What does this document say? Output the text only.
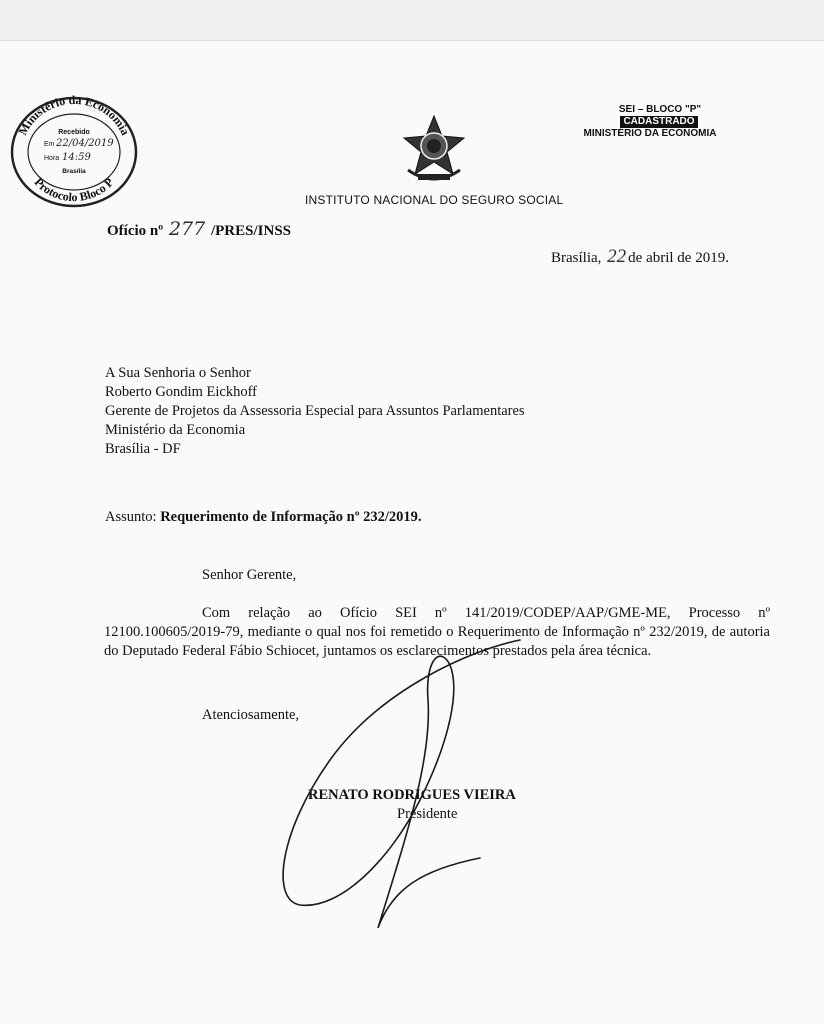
Ministério da Economia
Protocolo Bloco P
Recebido
Em 22/04/2019
Hora 14:59
Brasília
INSTITUTO NACIONAL DO SEGURO SOCIAL
SEI – BLOCO "P"
CADASTRADO
MINISTÉRIO DA ECONOMIA
Ofício nº 277 /PRES/INSS
Brasília, 22 de abril de 2019.
A Sua Senhoria o Senhor
Roberto Gondim Eickhoff
Gerente de Projetos da Assessoria Especial para Assuntos Parlamentares
Ministério da Economia
Brasília - DF
Assunto: Requerimento de Informação nº 232/2019.
Senhor Gerente,
Com relação ao Ofício SEI nº 141/2019/CODEP/AAP/GME-ME, Processo nº 12100.100605/2019-79, mediante o qual nos foi remetido o Requerimento de Informação nº 232/2019, de autoria do Deputado Federal Fábio Schiocet, juntamos os esclarecimentos prestados pela área técnica.
Atenciosamente,
RENATO RODRIGUES VIEIRA
Presidente
